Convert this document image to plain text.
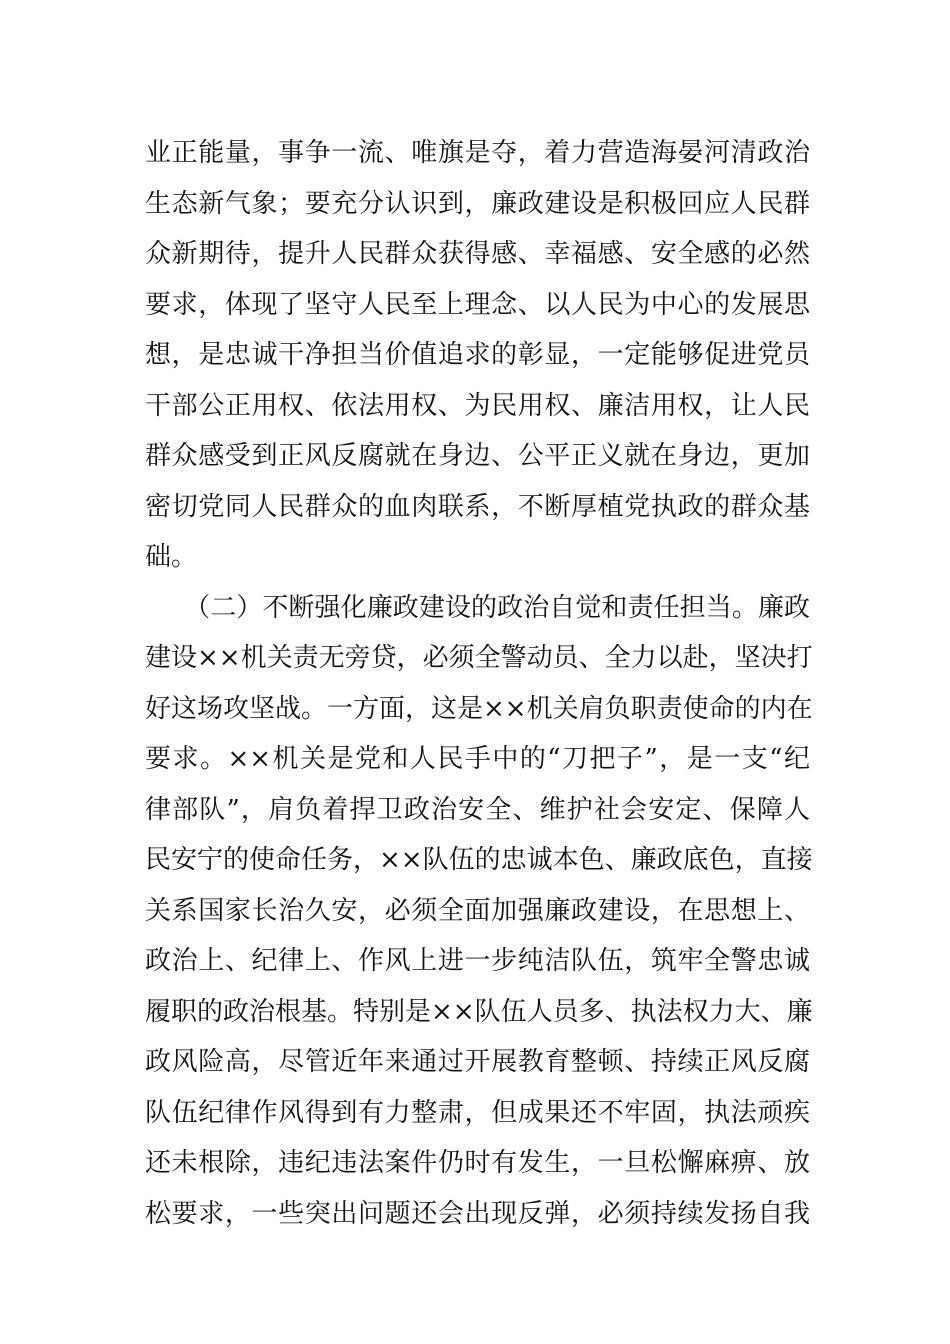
业正能量，事争一流、唯旗是夺，着力营造海晏河清政治
生态新气象；要充分认识到，廉政建设是积极回应人民群
众新期待，提升人民群众获得感、幸福感、安全感的必然
要求，体现了坚守人民至上理念、以人民为中心的发展思
想，是忠诚干净担当价值追求的彰显，一定能够促进党员
干部公正用权、依法用权、为民用权、廉洁用权，让人民
群众感受到正风反腐就在身边、公平正义就在身边，更加
密切党同人民群众的血肉联系，不断厚植党执政的群众基
础。
　　（二）不断强化廉政建设的政治自觉和责任担当。廉政
建设××机关责无旁贷，必须全警动员、全力以赴，坚决打
好这场攻坚战。一方面，这是××机关肩负职责使命的内在
要求。××机关是党和人民手中的“刀把子”，是一支“纪
律部队”，肩负着捍卫政治安全、维护社会安定、保障人
民安宁的使命任务，××队伍的忠诚本色、廉政底色，直接
关系国家长治久安，必须全面加强廉政建设，在思想上、
政治上、纪律上、作风上进一步纯洁队伍，筑牢全警忠诚
履职的政治根基。特别是××队伍人员多、执法权力大、廉
政风险高，尽管近年来通过开展教育整顿、持续正风反腐
队伍纪律作风得到有力整肃，但成果还不牢固，执法顽疾
还未根除，违纪违法案件仍时有发生，一旦松懈麻痹、放
松要求，一些突出问题还会出现反弹，必须持续发扬自我
